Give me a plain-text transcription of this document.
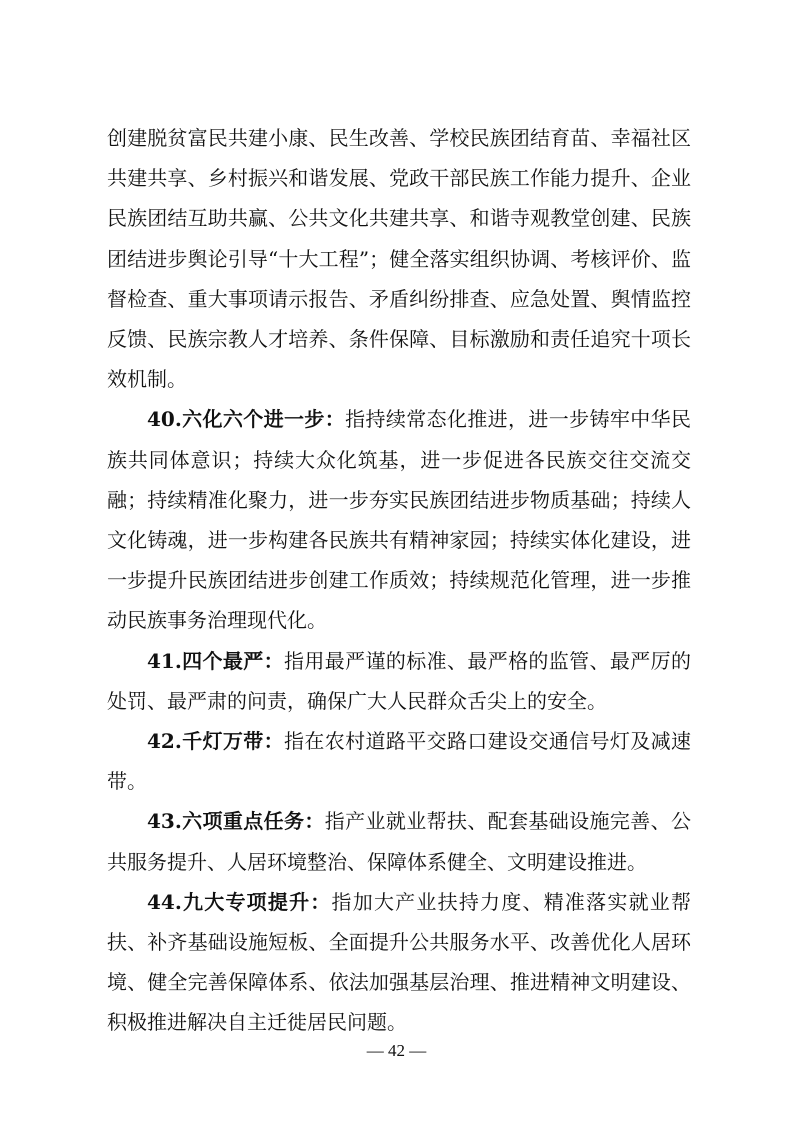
创建脱贫富民共建小康、民生改善、学校民族团结育苗、幸福社区共建共享、乡村振兴和谐发展、党政干部民族工作能力提升、企业民族团结互助共赢、公共文化共建共享、和谐寺观教堂创建、民族团结进步舆论引导“十大工程”；健全落实组织协调、考核评价、监督检查、重大事项请示报告、矛盾纠纷排查、应急处置、舆情监控反馈、民族宗教人才培养、条件保障、目标激励和责任追究十项长效机制。

40.六化六个进一步：指持续常态化推进，进一步铸牢中华民族共同体意识；持续大众化筑基，进一步促进各民族交往交流交融；持续精准化聚力，进一步夯实民族团结进步物质基础；持续人文化铸魂，进一步构建各民族共有精神家园；持续实体化建设，进一步提升民族团结进步创建工作质效；持续规范化管理，进一步推动民族事务治理现代化。

41.四个最严：指用最严谨的标准、最严格的监管、最严厉的处罚、最严肃的问责，确保广大人民群众舌尖上的安全。

42.千灯万带：指在农村道路平交路口建设交通信号灯及减速带。

43.六项重点任务：指产业就业帮扶、配套基础设施完善、公共服务提升、人居环境整治、保障体系健全、文明建设推进。

44.九大专项提升：指加大产业扶持力度、精准落实就业帮扶、补齐基础设施短板、全面提升公共服务水平、改善优化人居环境、健全完善保障体系、依法加强基层治理、推进精神文明建设、积极推进解决自主迁徙居民问题。

— 42 —
